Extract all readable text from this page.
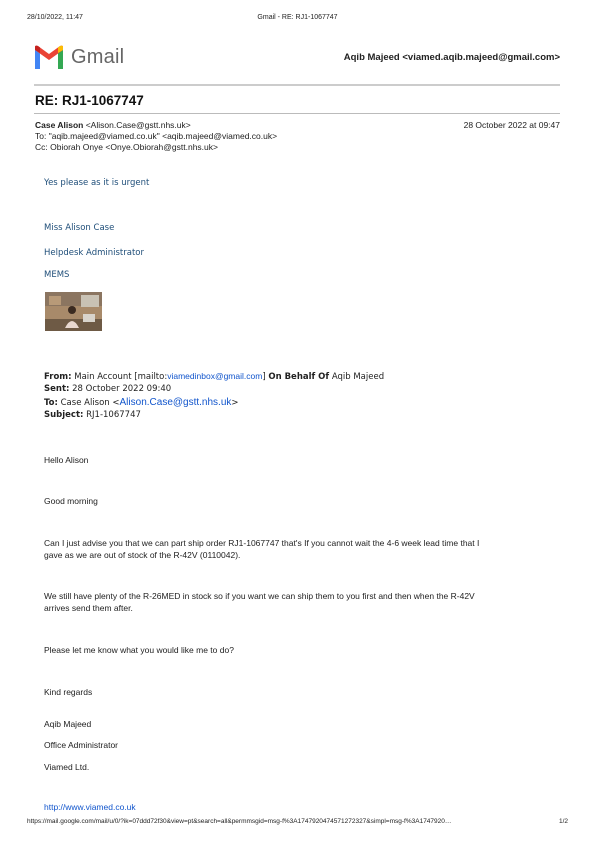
28/10/2022, 11:47	Gmail - RE: RJ1-1067747
Gmail	Aqib Majeed <viamed.aqib.majeed@gmail.com>
RE: RJ1-1067747
Case Alison <Alison.Case@gstt.nhs.uk>	28 October 2022 at 09:47
To: "aqib.majeed@viamed.co.uk" <aqib.majeed@viamed.co.uk>
Cc: Obiorah Onye <Onye.Obiorah@gstt.nhs.uk>
Yes please as it is urgent
Miss Alison Case
Helpdesk Administrator
MEMS
From: Main Account [mailto:viamedinbox@gmail.com] On Behalf Of Aqib Majeed
Sent: 28 October 2022 09:40
To: Case Alison <Alison.Case@gstt.nhs.uk>
Subject: RJ1-1067747
Hello Alison
Good morning
Can I just advise you that we can part ship order RJ1-1067747 that's If you cannot wait the 4-6 week lead time that I
gave as we are out of stock of the R-42V (0110042).
We still have plenty of the R-26MED in stock so if you want we can ship them to you first and then when the R-42V
arrives send them after.
Please let me know what you would like me to do?
Kind regards
Aqib Majeed
Office Administrator
Viamed Ltd.
http://www.viamed.co.uk
https://mail.google.com/mail/u/0/?ik=07ddd72f30&view=pt&search=all&permmsgid=msg-f%3A1747920474571272327&simpl=msg-f%3A1747920…	1/2
